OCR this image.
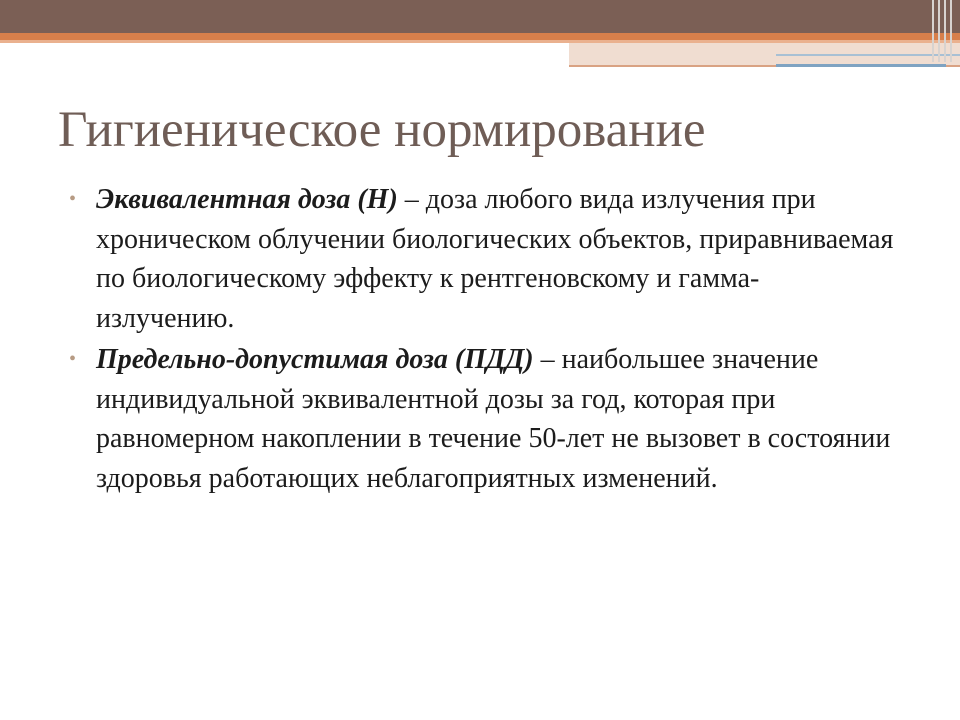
Гигиеническое нормирование
• Эквивалентная доза (Н) – доза любого вида излучения при хроническом облучении биологических объектов, приравниваемая по биологическому эффекту к рентгеновскому и гамма-излучению.
• Предельно-допустимая доза (ПДД) – наибольшее значение индивидуальной эквивалентной дозы за год, которая при равномерном накоплении в течение 50-лет не вызовет в состоянии здоровья работающих неблагоприятных изменений.
